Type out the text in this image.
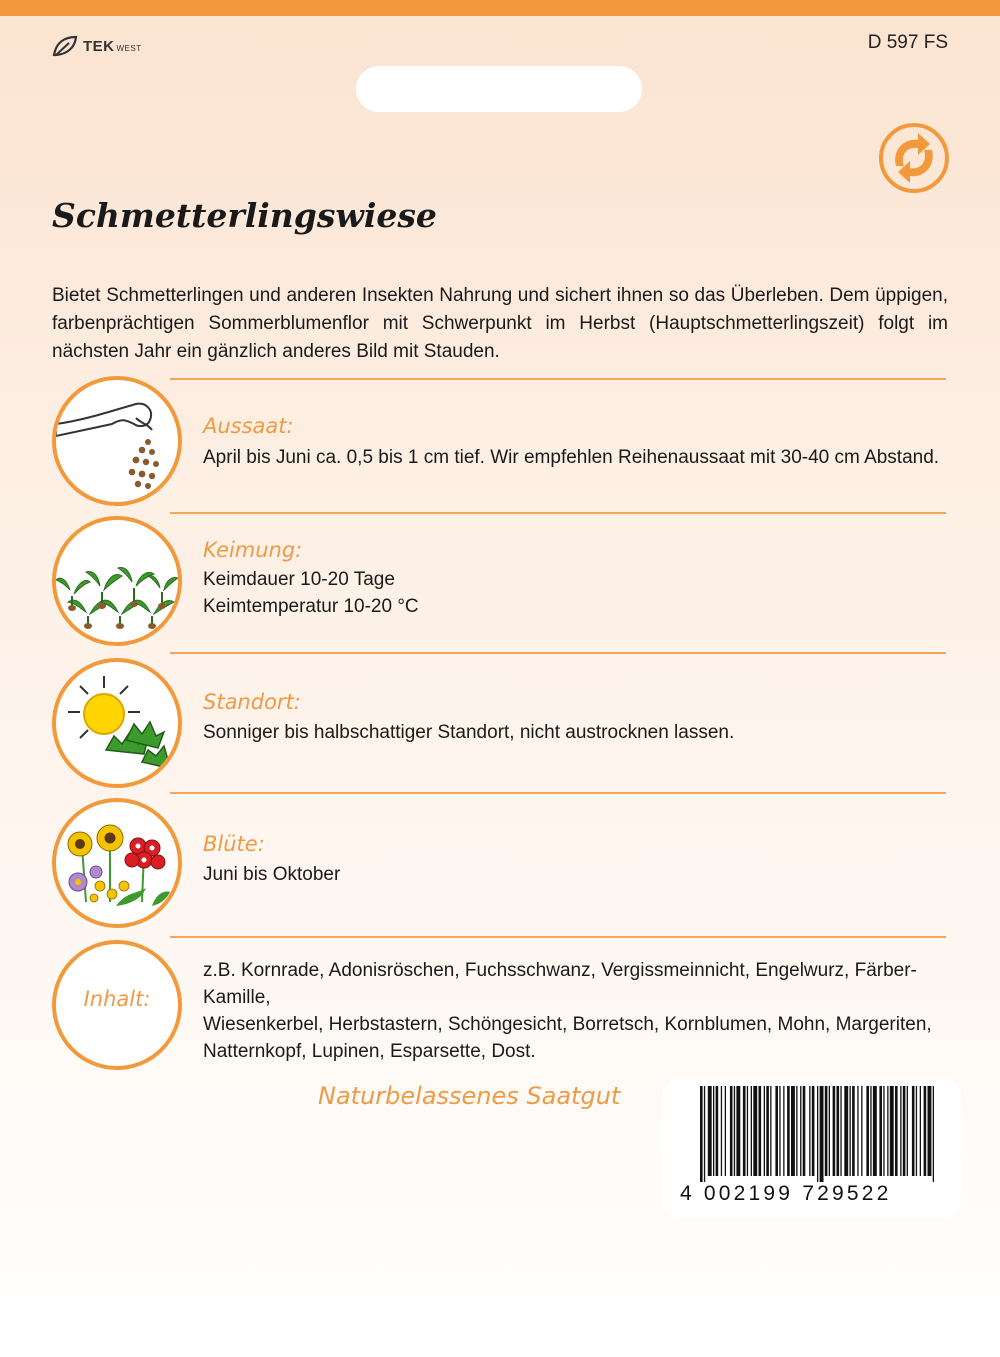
TEK WEST	D 597 FS
Schmetterlingswiese
Bietet Schmetterlingen und anderen Insekten Nahrung und sichert ihnen so das Überleben. Dem üppigen, farbenprächtigen Sommerblumenflor mit Schwerpunkt im Herbst (Hauptschmetterlingszeit) folgt im nächsten Jahr ein gänzlich anderes Bild mit Stauden.
Aussaat:
April bis Juni ca. 0,5 bis 1 cm tief. Wir empfehlen Reihenaussaat mit 30-40 cm Abstand.
Keimung:
Keimdauer 10-20 Tage
Keimtemperatur 10-20 °C
Standort:
Sonniger bis halbschattiger Standort, nicht austrocknen lassen.
Blüte:
Juni bis Oktober
Inhalt:
z.B. Kornrade, Adonisröschen, Fuchsschwanz, Vergissmeinnicht, Engelwurz, Färber-Kamille,
Wiesenkerbel, Herbstastern, Schöngesicht, Borretsch, Kornblumen, Mohn, Margeriten,
Natternkopf, Lupinen, Esparsette, Dost.
Naturbelassenes Saatgut
4 002199 729522
